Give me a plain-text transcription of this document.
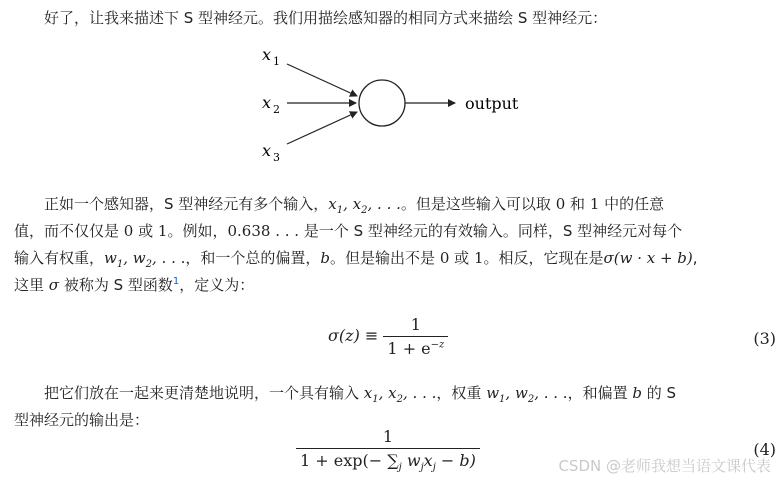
好了，让我来描述下 S 型神经元。我们用描绘感知器的相同方式来描绘 S 型神经元：

x 1
x 2
x 3
output

正如一个感知器，S 型神经元有多个输入，$x_1$, $x_2$, . . .。但是这些输入可以取 0 和 1 中的任意
值，而不仅仅是 0 或 1。例如，0.638 . . . 是一个 S 型神经元的有效输入。同样，S 型神经元对每个
输入有权重，$w_1$, $w_2$, . . .，和一个总的偏置，b。但是输出不是 0 或 1。相反，它现在是σ(w · x + b),
这里 σ 被称为 S 型函数$^1$，定义为：

$\sigma(z) \equiv \frac{1}{1 + e^{-z}}$	(3)

把它们放在一起来更清楚地说明，一个具有输入 $x_1$, $x_2$, . . .，权重 $w_1$, $w_2$, . . .，和偏置 b 的 S
型神经元的输出是：

$\frac{1}{1 + \exp(- \sum_j w_jx_j - b)}$	(4)
CSDN @老师我想当语文课代表
